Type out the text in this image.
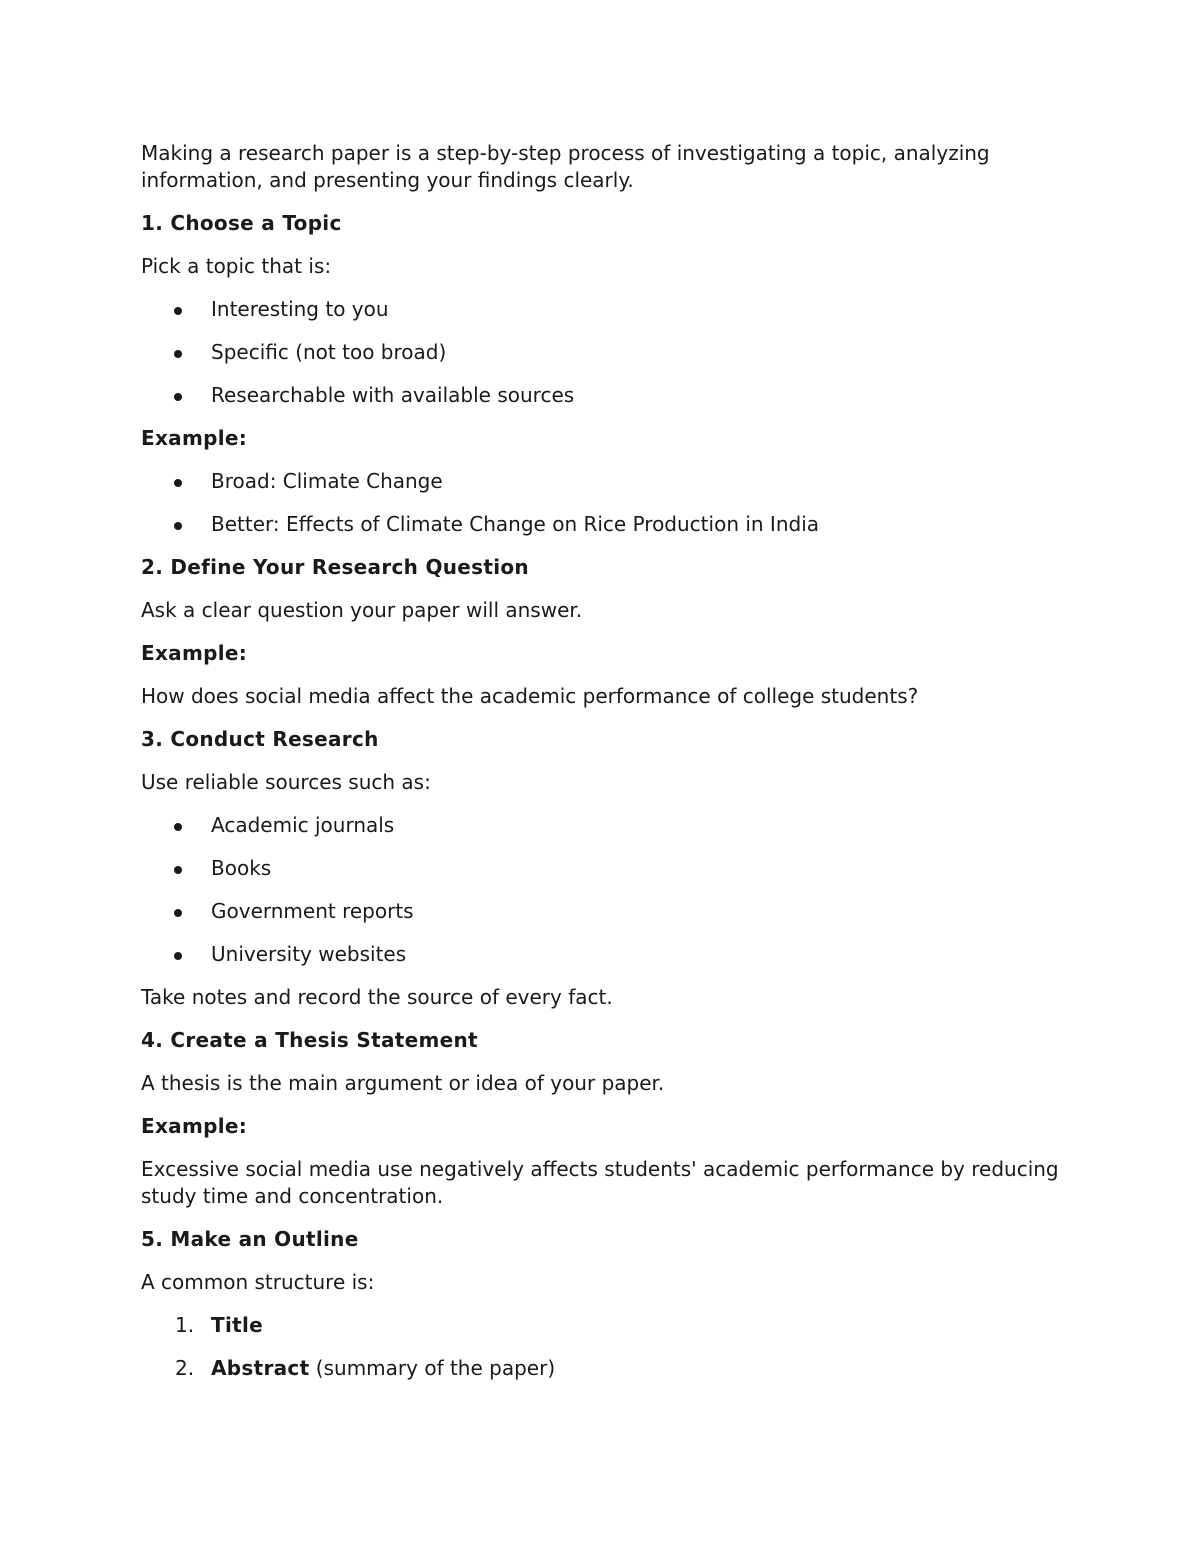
Making a research paper is a step-by-step process of investigating a topic, analyzing information, and presenting your findings clearly.

1. Choose a Topic

Pick a topic that is:

Interesting to you
Specific (not too broad)
Researchable with available sources

Example:

Broad: Climate Change
Better: Effects of Climate Change on Rice Production in India

2. Define Your Research Question

Ask a clear question your paper will answer.

Example:

How does social media affect the academic performance of college students?

3. Conduct Research

Use reliable sources such as:

Academic journals
Books
Government reports
University websites

Take notes and record the source of every fact.

4. Create a Thesis Statement

A thesis is the main argument or idea of your paper.

Example:

Excessive social media use negatively affects students' academic performance by reducing study time and concentration.

5. Make an Outline

A common structure is:

1. Title
2. Abstract (summary of the paper)
